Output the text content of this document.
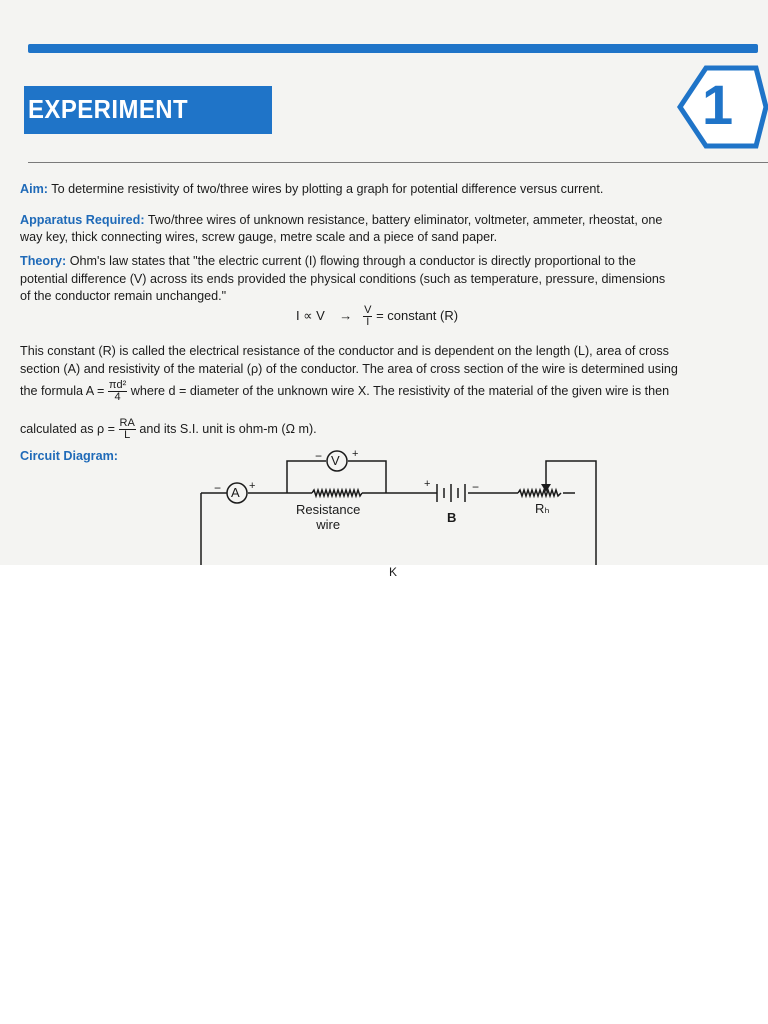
EXPERIMENT	1
Aim: To determine resistivity of two/three wires by plotting a graph for potential difference versus current.
Apparatus Required: Two/three wires of unknown resistance, battery eliminator, voltmeter, ammeter, rheostat, one
way key, thick connecting wires, screw gauge, metre scale and a piece of sand paper.
Theory: Ohm's law states that "the electric current (I) flowing through a conductor is directly proportional to the
potential difference (V) across its ends provided the physical conditions (such as temperature, pressure, dimensions
of the conductor remain unchanged."
$I \propto V \to \frac{V}{I}$ = constant (R)
This constant (R) is called the electrical resistance of the conductor and is dependent on the length (L), area of cross
section (A) and resistivity of the material (ρ) of the conductor. The area of cross section of the wire is determined using
the formula $A = \frac{\text{πd²}}{4}$ where d = diameter of the unknown wire X. The resistivity of the material of the given wire is then
calculated as $\rho = \frac{RA}{L}$ and its S.I. unit is ohm-m (Ω m).
Circuit Diagram:
A +
−
V +
−
+	−
Resistance
wire	B
Rₕ
K
